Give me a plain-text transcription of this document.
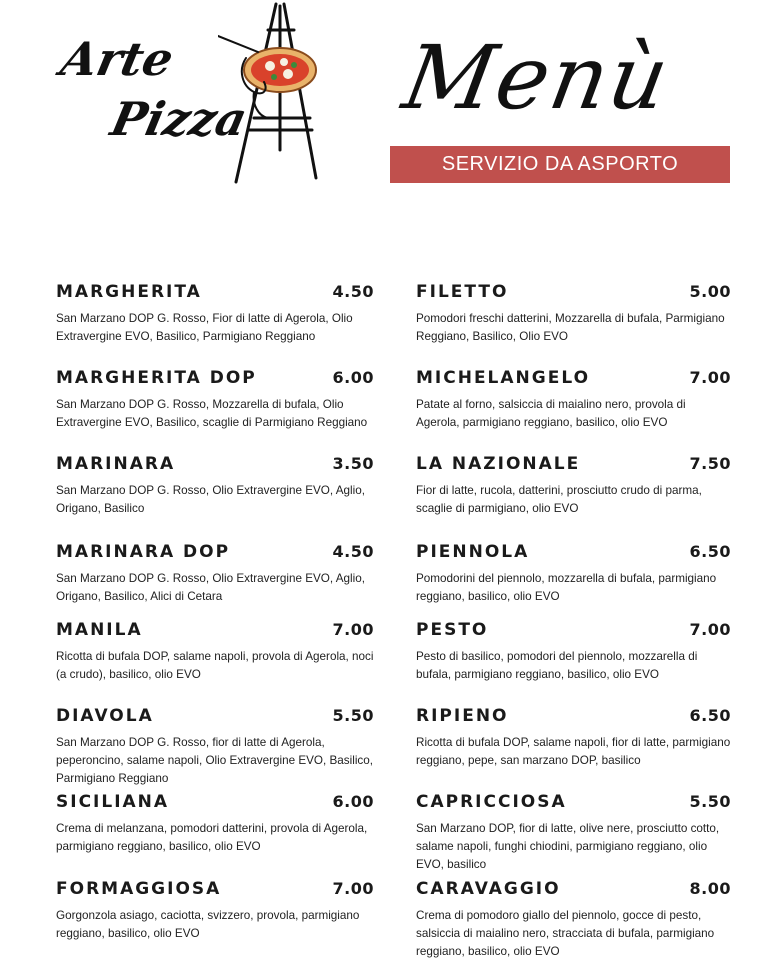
Arte
Pizza Menù
SERVIZIO DA ASPORTO
MARGHERITA	4.50
San Marzano DOP G. Rosso, Fior di latte di Agerola, Olio Extravergine EVO, Basilico, Parmigiano Reggiano
MARGHERITA DOP	6.00
San Marzano DOP G. Rosso, Mozzarella di bufala, Olio Extravergine EVO, Basilico, scaglie di Parmigiano Reggiano
MARINARA	3.50
San Marzano DOP G. Rosso, Olio Extravergine EVO, Aglio, Origano, Basilico
MARINARA DOP	4.50
San Marzano DOP G. Rosso, Olio Extravergine EVO, Aglio, Origano, Basilico, Alici di Cetara
MANILA	7.00
Ricotta di bufala DOP, salame napoli, provola di Agerola, noci (a crudo), basilico, olio EVO
DIAVOLA	5.50
San Marzano DOP G. Rosso, fior di latte di Agerola, peperoncino, salame napoli, Olio Extravergine EVO, Basilico, Parmigiano Reggiano
SICILIANA	6.00
Crema di melanzana, pomodori datterini, provola di Agerola, parmigiano reggiano, basilico, olio EVO
FORMAGGIOSA	7.00
Gorgonzola asiago, caciotta, svizzero, provola, parmigiano reggiano, basilico, olio EVO
FILETTO	5.00
Pomodori freschi datterini, Mozzarella di bufala, Parmigiano Reggiano, Basilico, Olio EVO
MICHELANGELO	7.00
Patate al forno, salsiccia di maialino nero, provola di Agerola, parmigiano reggiano, basilico, olio EVO
LA NAZIONALE	7.50
Fior di latte, rucola, datterini, prosciutto crudo di parma, scaglie di parmigiano, olio EVO
PIENNOLA	6.50
Pomodorini del piennolo, mozzarella di bufala, parmigiano reggiano, basilico, olio EVO
PESTO	7.00
Pesto di basilico, pomodori del piennolo, mozzarella di bufala, parmigiano reggiano, basilico, olio EVO
RIPIENO	6.50
Ricotta di bufala DOP, salame napoli, fior di latte, parmigiano reggiano, pepe, san marzano DOP, basilico
CAPRICCIOSA	5.50
San Marzano DOP, fior di latte, olive nere, prosciutto cotto, salame napoli, funghi chiodini, parmigiano reggiano, olio EVO, basilico
CARAVAGGIO	8.00
Crema di pomodoro giallo del piennolo, gocce di pesto, salsiccia di maialino nero, stracciata di bufala, parmigiano reggiano, basilico, olio EVO
